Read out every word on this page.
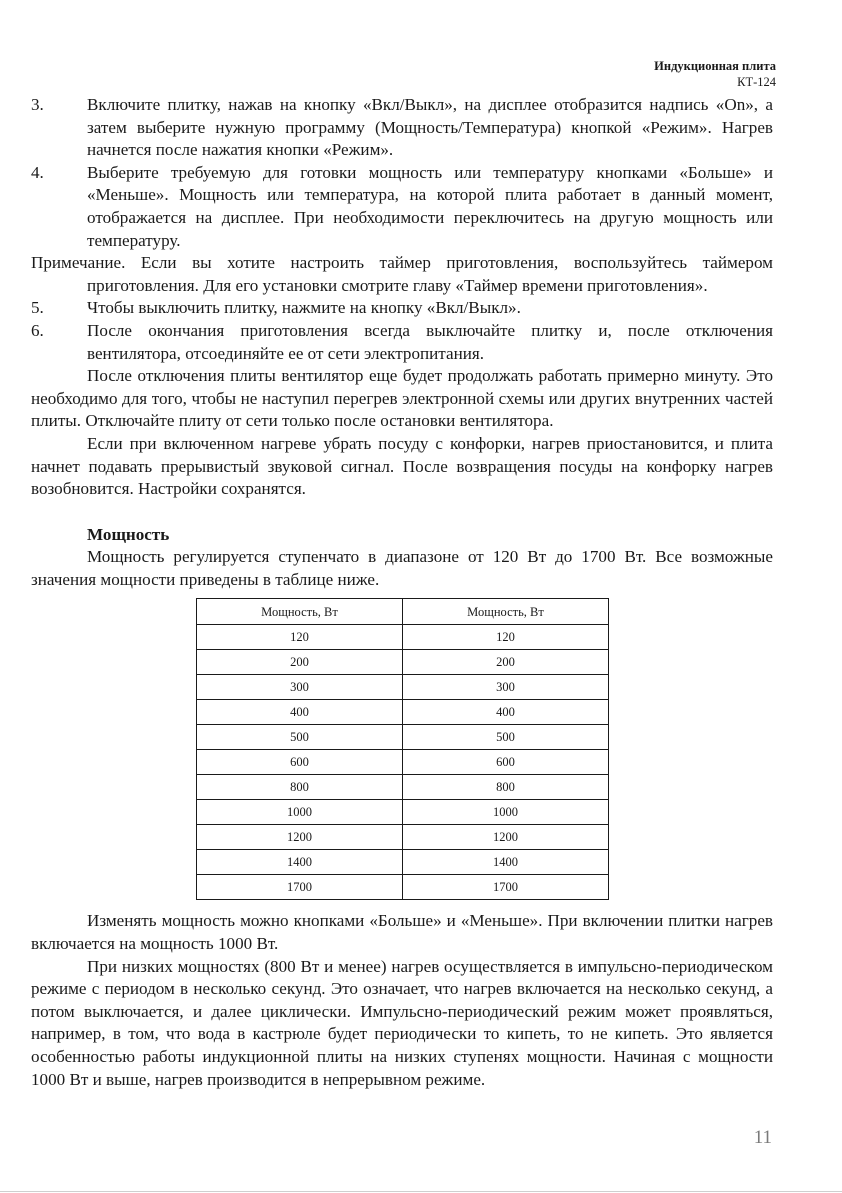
Индукционная плита
КТ-124

3.	Включите плитку, нажав на кнопку «Вкл/Выкл», на дисплее отобразится надпись «On», а затем выберите нужную программу (Мощность/Температура) кнопкой «Режим». Нагрев начнется после нажатия кнопки «Режим».

4.	Выберите требуемую для готовки мощность или температуру кнопками «Больше» и «Меньше». Мощность или температура, на которой плита работает в данный момент, отображается на дисплее. При необходимости переключитесь на другую мощность или температуру.

Примечание. Если вы хотите настроить таймер приготовления, воспользуйтесь таймером приготовления. Для его установки смотрите главу «Таймер времени приготовления».

5.	Чтобы выключить плитку, нажмите на кнопку «Вкл/Выкл».

6.	После окончания приготовления всегда выключайте плитку и, после отключения вентилятора, отсоединяйте ее от сети электропитания.

После отключения плиты вентилятор еще будет продолжать работать примерно минуту. Это необходимо для того, чтобы не наступил перегрев электронной схемы или других внутренних частей плиты. Отключайте плиту от сети только после остановки вентилятора.

Если при включенном нагреве убрать посуду с конфорки, нагрев приостановится, и плита начнет подавать прерывистый звуковой сигнал. После возвращения посуды на конфорку нагрев возобновится. Настройки сохранятся.

Мощность

Мощность регулируется ступенчато в диапазоне от 120 Вт до 1700 Вт. Все возможные значения мощности приведены в таблице ниже.

Мощность, Вт	Мощность, Вт
120	120
200	200
300	300
400	400
500	500
600	600
800	800
1000	1000
1200	1200
1400	1400
1700	1700

Изменять мощность можно кнопками «Больше» и «Меньше». При включении плитки нагрев включается на мощность 1000 Вт.

При низких мощностях (800 Вт и менее) нагрев осуществляется в импульсно-периодическом режиме с периодом в несколько секунд. Это означает, что нагрев включается на несколько секунд, а потом выключается, и далее циклически. Импульсно-периодический режим может проявляться, например, в том, что вода в кастрюле будет периодически то кипеть, то не кипеть. Это является особенностью работы индукционной плиты на низких ступенях мощности. Начиная с мощности 1000 Вт и выше, нагрев производится в непрерывном режиме.

11
